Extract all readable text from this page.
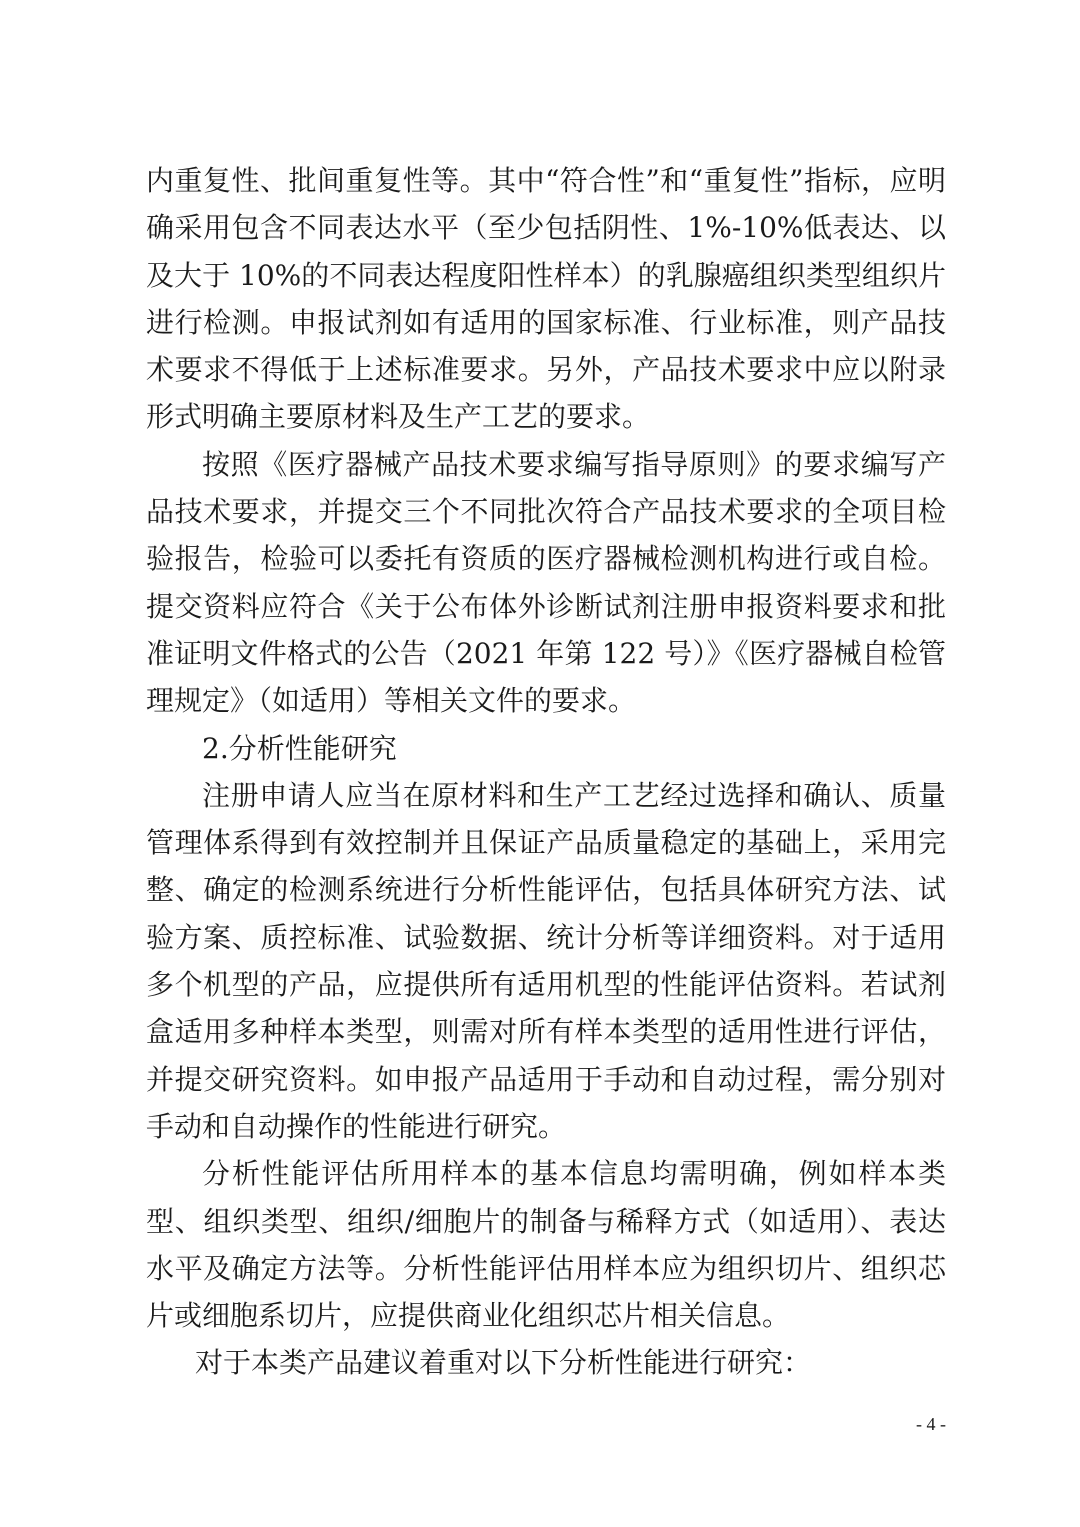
内重复性、批间重复性等。其中“符合性”和“重复性”指标，应明确采用包含不同表达水平（至少包括阴性、1%-10%低表达、以及大于 10%的不同表达程度阳性样本）的乳腺癌组织类型组织片进行检测。申报试剂如有适用的国家标准、行业标准，则产品技术要求不得低于上述标准要求。另外，产品技术要求中应以附录形式明确主要原材料及生产工艺的要求。

按照《医疗器械产品技术要求编写指导原则》的要求编写产品技术要求，并提交三个不同批次符合产品技术要求的全项目检验报告，检验可以委托有资质的医疗器械检测机构进行或自检。提交资料应符合《关于公布体外诊断试剂注册申报资料要求和批准证明文件格式的公告（2021 年第 122 号）》《医疗器械自检管理规定》（如适用）等相关文件的要求。

2.分析性能研究

注册申请人应当在原材料和生产工艺经过选择和确认、质量管理体系得到有效控制并且保证产品质量稳定的基础上，采用完整、确定的检测系统进行分析性能评估，包括具体研究方法、试验方案、质控标准、试验数据、统计分析等详细资料。对于适用多个机型的产品，应提供所有适用机型的性能评估资料。若试剂盒适用多种样本类型，则需对所有样本类型的适用性进行评估，并提交研究资料。如申报产品适用于手动和自动过程，需分别对手动和自动操作的性能进行研究。

分析性能评估所用样本的基本信息均需明确，例如样本类型、组织类型、组织/细胞片的制备与稀释方式（如适用）、表达水平及确定方法等。分析性能评估用样本应为组织切片、组织芯片或细胞系切片，应提供商业化组织芯片相关信息。

对于本类产品建议着重对以下分析性能进行研究：

- 4 -
